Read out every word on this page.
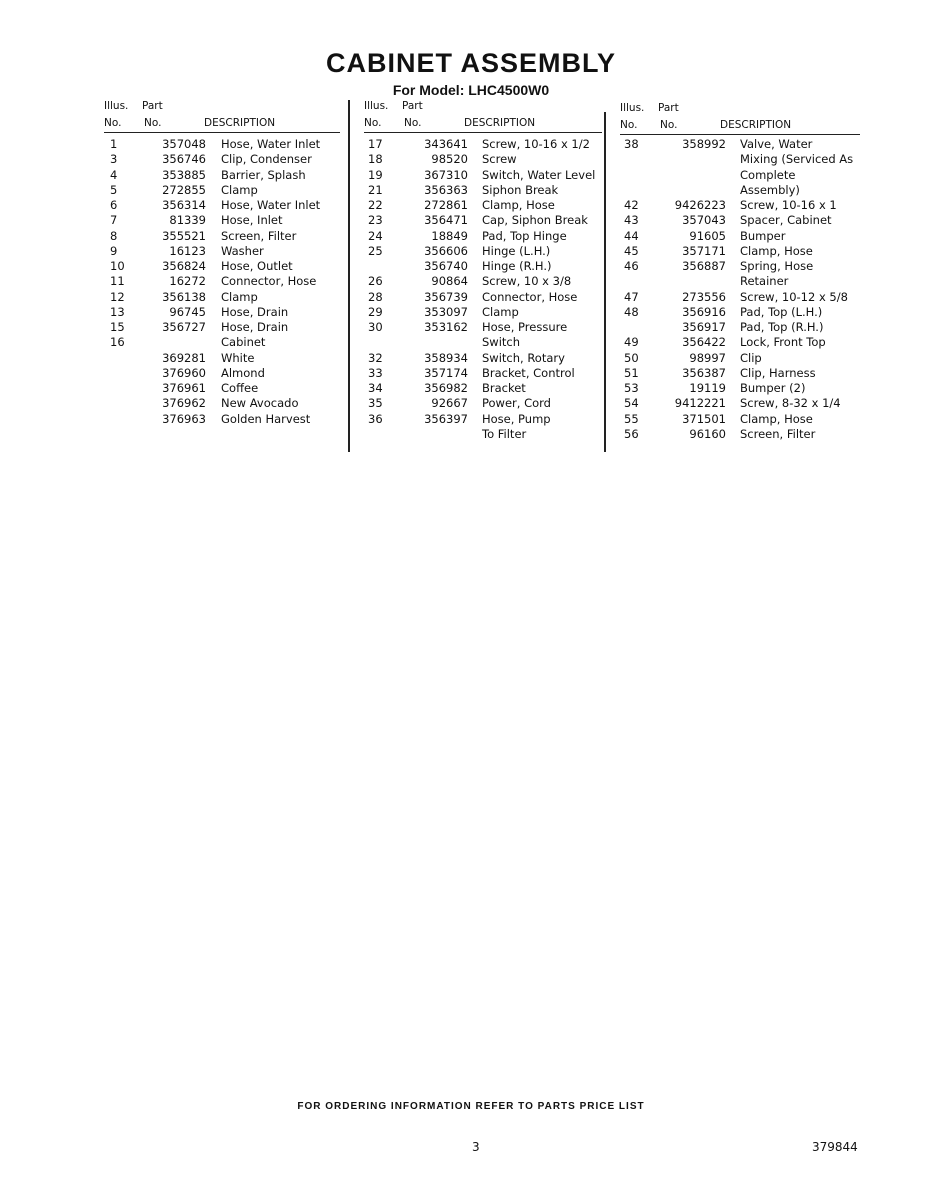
CABINET ASSEMBLY
For Model: LHC4500W0
Illus. Part
No. No.	DESCRIPTION
1	357048 Hose, Water Inlet
3	356746 Clip, Condenser
4	353885 Barrier, Splash
5	272855 Clamp
6	356314 Hose, Water Inlet
7	81339 Hose, Inlet
8	355521 Screen, Filter
9	16123 Washer
10	356824 Hose, Outlet
11	16272 Connector, Hose
12	356138 Clamp
13	96745 Hose, Drain
15	356727 Hose, Drain
16	Cabinet
369281 White
376960 Almond
376961 Coffee
376962 New Avocado
376963 Golden Harvest
Illus. Part
No. No.	DESCRIPTION
17	343641 Screw, 10-16 x 1/2
18	98520 Screw
19	367310 Switch, Water Level
21	356363 Siphon Break
22	272861 Clamp, Hose
23	356471 Cap, Siphon Break
24	18849 Pad, Top Hinge
25	356606 Hinge (L.H.)
356740 Hinge (R.H.)
26	90864 Screw, 10 x 3/8
28	356739 Connector, Hose
29	353097 Clamp
30	353162 Hose, Pressure
Switch
32	358934 Switch, Rotary
33	357174 Bracket, Control
34	356982 Bracket
35	92667 Power, Cord
36	356397 Hose, Pump
To Filter
Illus. Part
No. No.	DESCRIPTION
38	358992 Valve, Water
Mixing (Serviced As
Complete
Assembly)
42	9426223 Screw, 10-16 x 1
43	357043 Spacer, Cabinet
44	91605 Bumper
45	357171 Clamp, Hose
46	356887 Spring, Hose
Retainer
47	273556 Screw, 10-12 x 5/8
48	356916 Pad, Top (L.H.)
356917 Pad, Top (R.H.)
49	356422 Lock, Front Top
50	98997 Clip
51	356387 Clip, Harness
53	19119 Bumper (2)
54	9412221 Screw, 8-32 x 1/4
55	371501 Clamp, Hose
56	96160 Screen, Filter
FOR ORDERING INFORMATION REFER TO PARTS PRICE LIST
3	379844
